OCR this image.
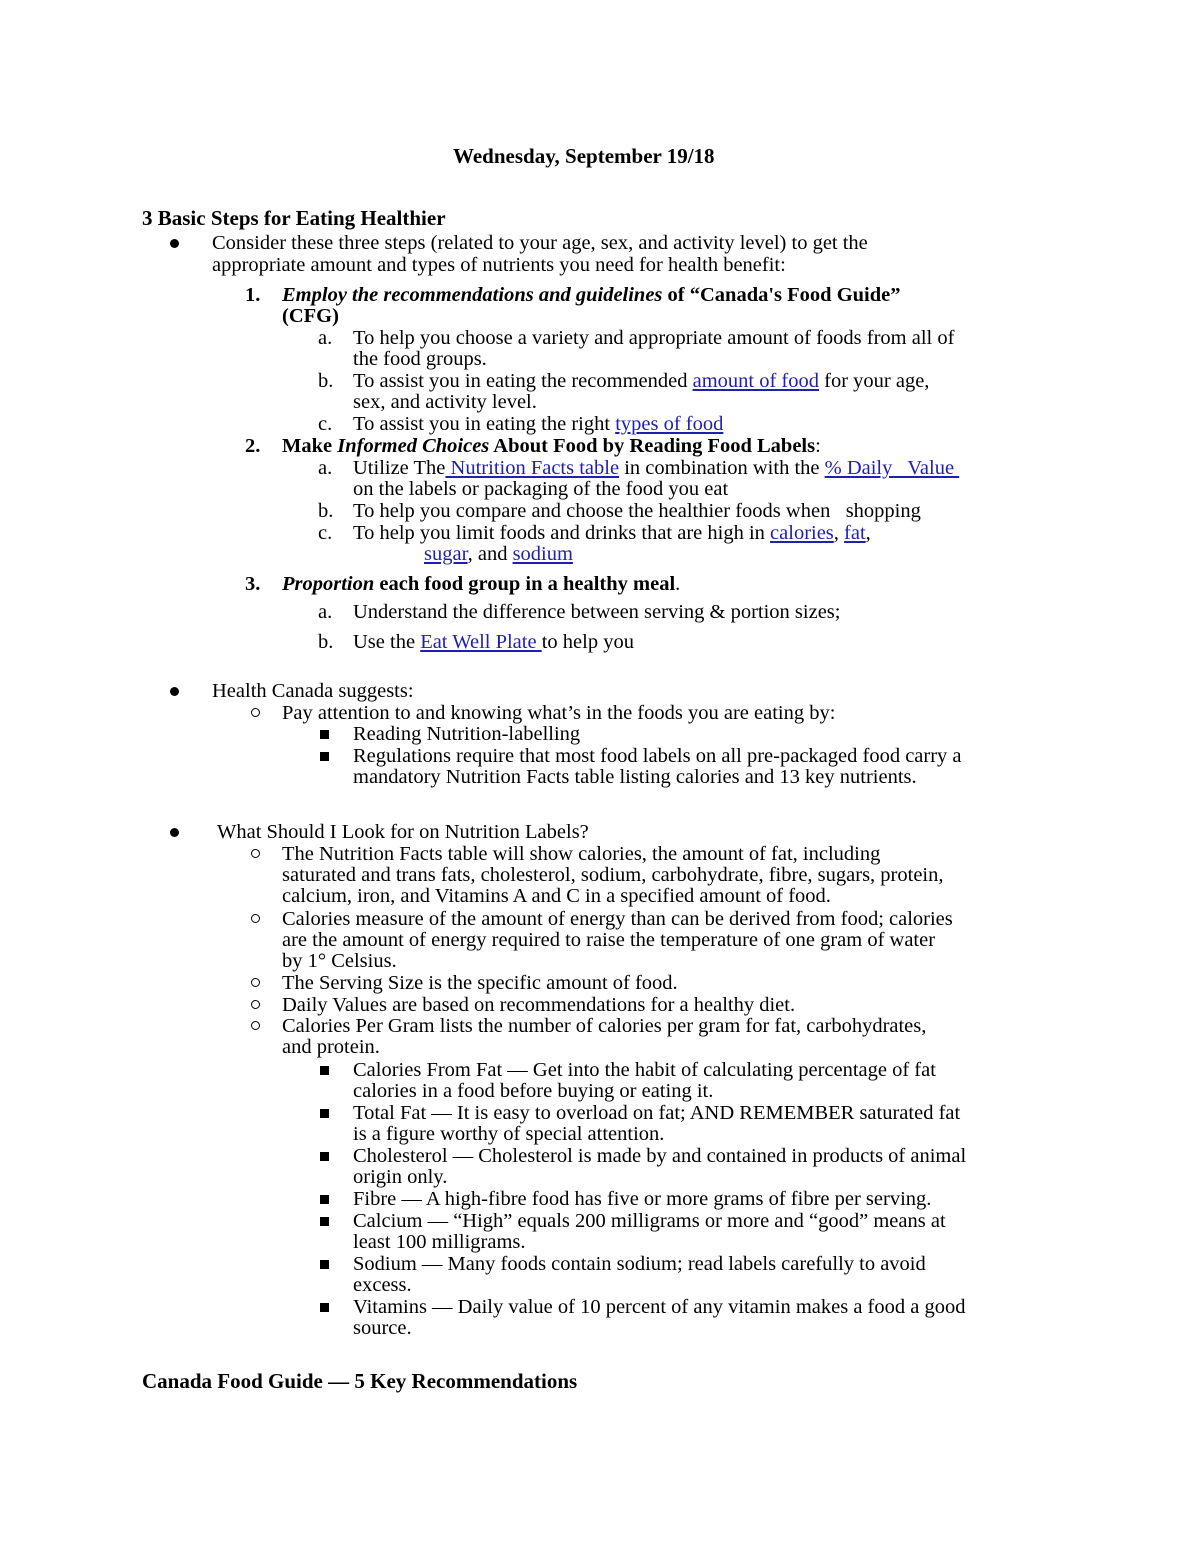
Wednesday, September 19/18
3 Basic Steps for Eating Healthier
Consider these three steps (related to your age, sex, and activity level) to get the
appropriate amount and types of nutrients you need for health benefit:
1. Employ the recommendations and guidelines of “Canada's Food Guide”
(CFG)
a. To help you choose a variety and appropriate amount of foods from all of
the food groups.
b. To assist you in eating the recommended amount of food for your age,
sex, and activity level.
c. To assist you in eating the right types of food
2. Make Informed Choices About Food by Reading Food Labels:
a. Utilize The Nutrition Facts table in combination with the % Daily   Value
on the labels or packaging of the food you eat
b. To help you compare and choose the healthier foods when   shopping
c. To help you limit foods and drinks that are high in calories, fat,
sugar, and sodium
3. Proportion each food group in a healthy meal.
a. Understand the difference between serving & portion sizes;
b. Use the Eat Well Plate to help you
Health Canada suggests:
Pay attention to and knowing what’s in the foods you are eating by:
Reading Nutrition-labelling
Regulations require that most food labels on all pre-packaged food carry a
mandatory Nutrition Facts table listing calories and 13 key nutrients.
What Should I Look for on Nutrition Labels?
The Nutrition Facts table will show calories, the amount of fat, including
saturated and trans fats, cholesterol, sodium, carbohydrate, fibre, sugars, protein,
calcium, iron, and Vitamins A and C in a specified amount of food.
Calories measure of the amount of energy than can be derived from food; calories
are the amount of energy required to raise the temperature of one gram of water
by 1° Celsius.
The Serving Size is the specific amount of food.
Daily Values are based on recommendations for a healthy diet.
Calories Per Gram lists the number of calories per gram for fat, carbohydrates,
and protein.
Calories From Fat — Get into the habit of calculating percentage of fat
calories in a food before buying or eating it.
Total Fat — It is easy to overload on fat; AND REMEMBER saturated fat
is a figure worthy of special attention.
Cholesterol — Cholesterol is made by and contained in products of animal
origin only.
Fibre — A high-fibre food has five or more grams of fibre per serving.
Calcium — “High” equals 200 milligrams or more and “good” means at
least 100 milligrams.
Sodium — Many foods contain sodium; read labels carefully to avoid
excess.
Vitamins — Daily value of 10 percent of any vitamin makes a food a good
source.
Canada Food Guide — 5 Key Recommendations
